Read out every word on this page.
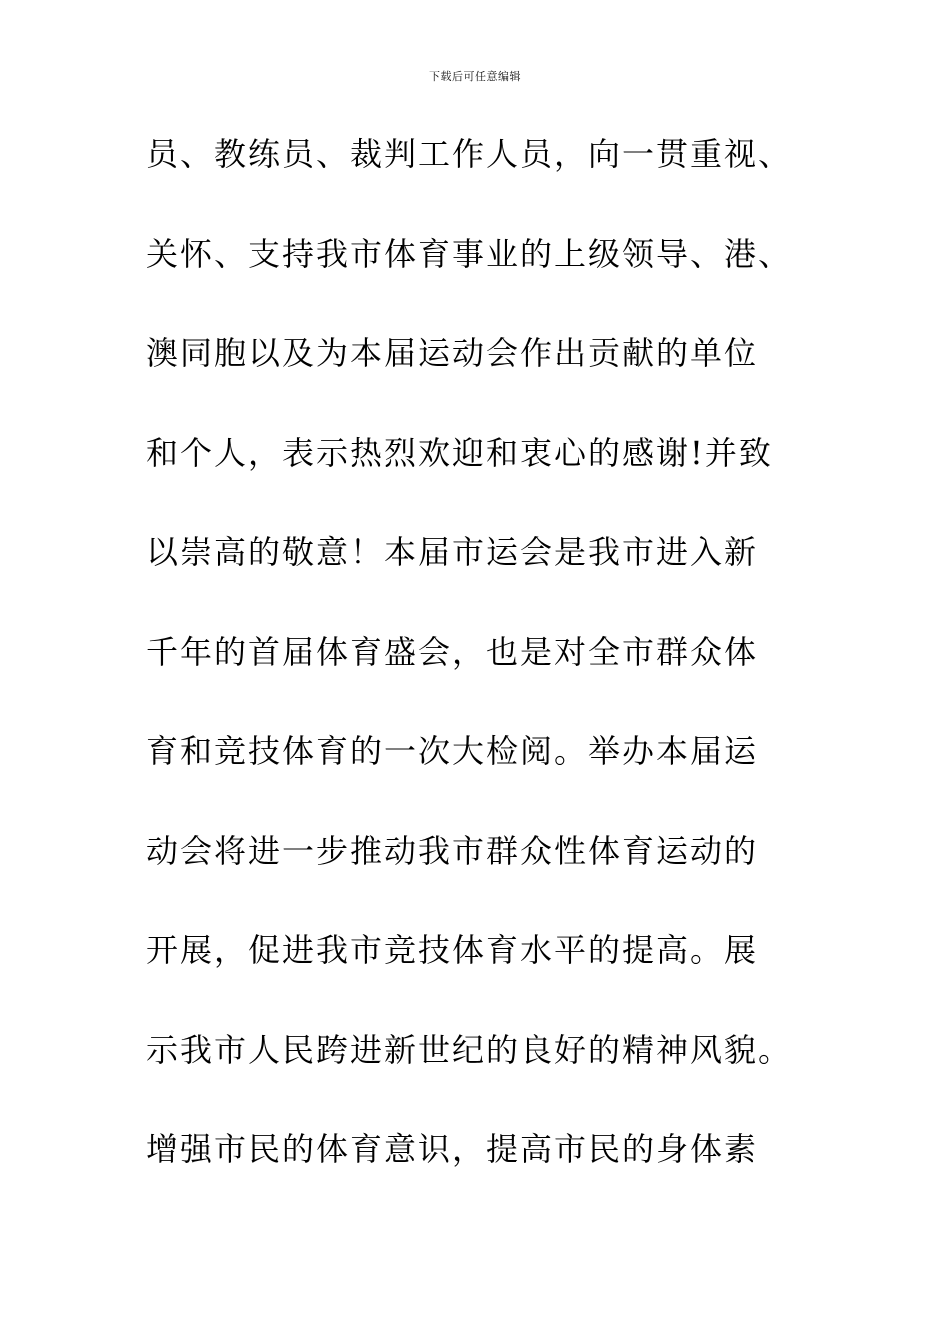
下载后可任意编辑
员、教练员、裁判工作人员，向一贯重视、
关怀、支持我市体育事业的上级领导、港、
澳同胞以及为本届运动会作出贡献的单位
和个人，表示热烈欢迎和衷心的感谢!并致
以崇高的敬意！本届市运会是我市进入新
千年的首届体育盛会，也是对全市群众体
育和竞技体育的一次大检阅。举办本届运
动会将进一步推动我市群众性体育运动的
开展，促进我市竞技体育水平的提高。展
示我市人民跨进新世纪的良好的精神风貌。
增强市民的体育意识，提高市民的身体素
